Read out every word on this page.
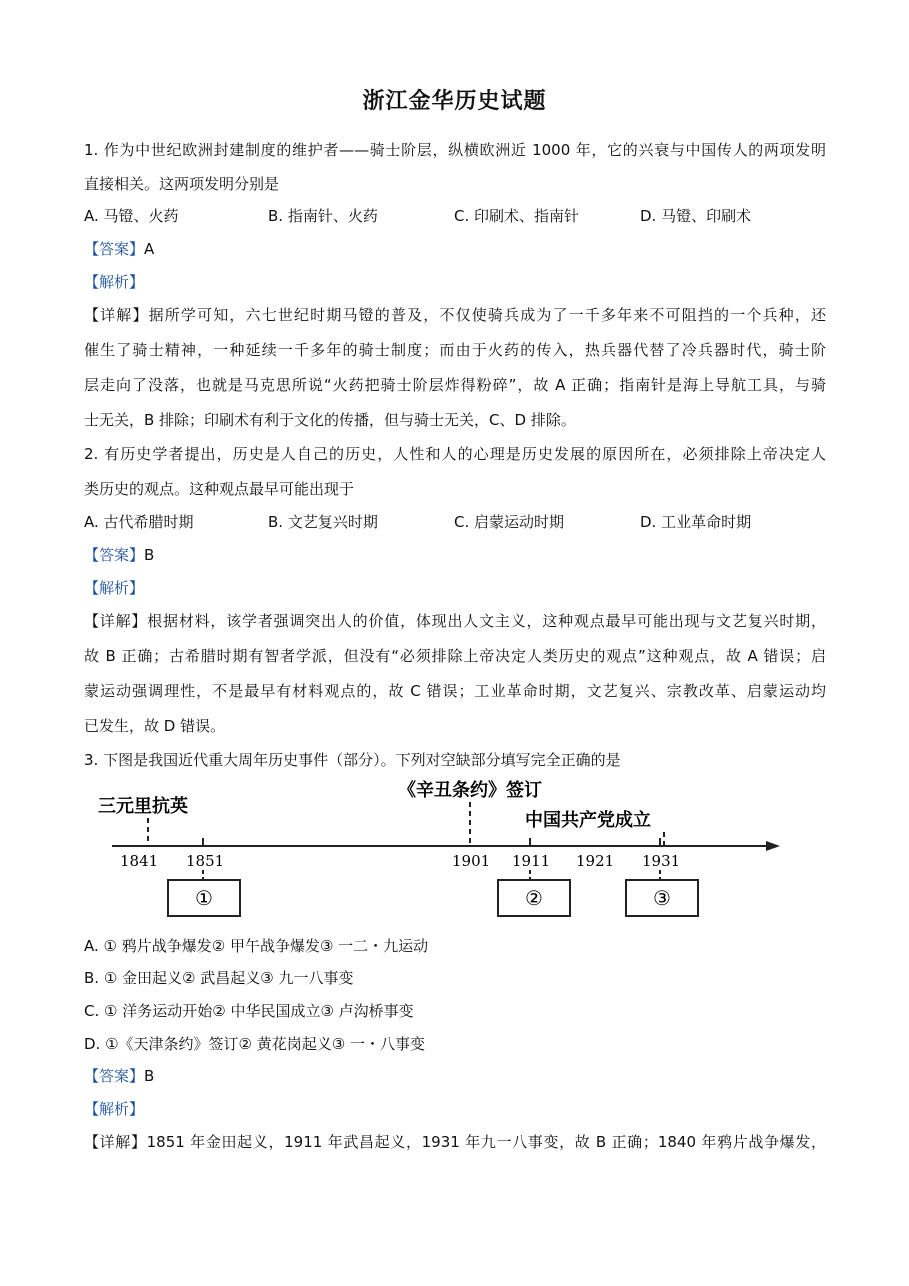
浙江金华历史试题
1. 作为中世纪欧洲封建制度的维护者——骑士阶层，纵横欧洲近 1000 年，它的兴衰与中国传人的两项发明
直接相关。这两项发明分别是
A. 马镫、火药	B. 指南针、火药	C. 印刷术、指南针	D. 马镫、印刷术
【答案】A
【解析】
【详解】据所学可知，六七世纪时期马镫的普及，不仅使骑兵成为了一千多年来不可阻挡的一个兵种，还
催生了骑士精神，一种延续一千多年的骑士制度；而由于火药的传入，热兵器代替了冷兵器时代，骑士阶
层走向了没落，也就是马克思所说“火药把骑士阶层炸得粉碎”，故 A 正确；指南针是海上导航工具，与骑
士无关，B 排除；印刷术有利于文化的传播，但与骑士无关，C、D 排除。
2. 有历史学者提出，历史是人自己的历史，人性和人的心理是历史发展的原因所在，必须排除上帝决定人
类历史的观点。这种观点最早可能出现于
A. 古代希腊时期	B. 文艺复兴时期	C. 启蒙运动时期	D. 工业革命时期
【答案】B
【解析】
【详解】根据材料，该学者强调突出人的价值，体现出人文主义，这种观点最早可能出现与文艺复兴时期，
故 B 正确；古希腊时期有智者学派，但没有“必须排除上帝决定人类历史的观点”这种观点，故 A 错误；启
蒙运动强调理性，不是最早有材料观点的，故 C 错误；工业革命时期，文艺复兴、宗教改革、启蒙运动均
已发生，故 D 错误。
3. 下图是我国近代重大周年历史事件（部分）。下列对空缺部分填写完全正确的是
三元里抗英
《辛丑条约》签订
中国共产党成立
1841 1851	1901 1911 1921 1931
①	②	③
A. ① 鸦片战争爆发② 甲午战争爆发③ 一二・九运动
B. ① 金田起义② 武昌起义③ 九一八事变
C. ① 洋务运动开始② 中华民国成立③ 卢沟桥事变
D. ①《天津条约》签订② 黄花岗起义③ 一・八事变
【答案】B
【解析】
【详解】1851 年金田起义，1911 年武昌起义，1931 年九一八事变，故 B 正确；1840 年鸦片战争爆发，
